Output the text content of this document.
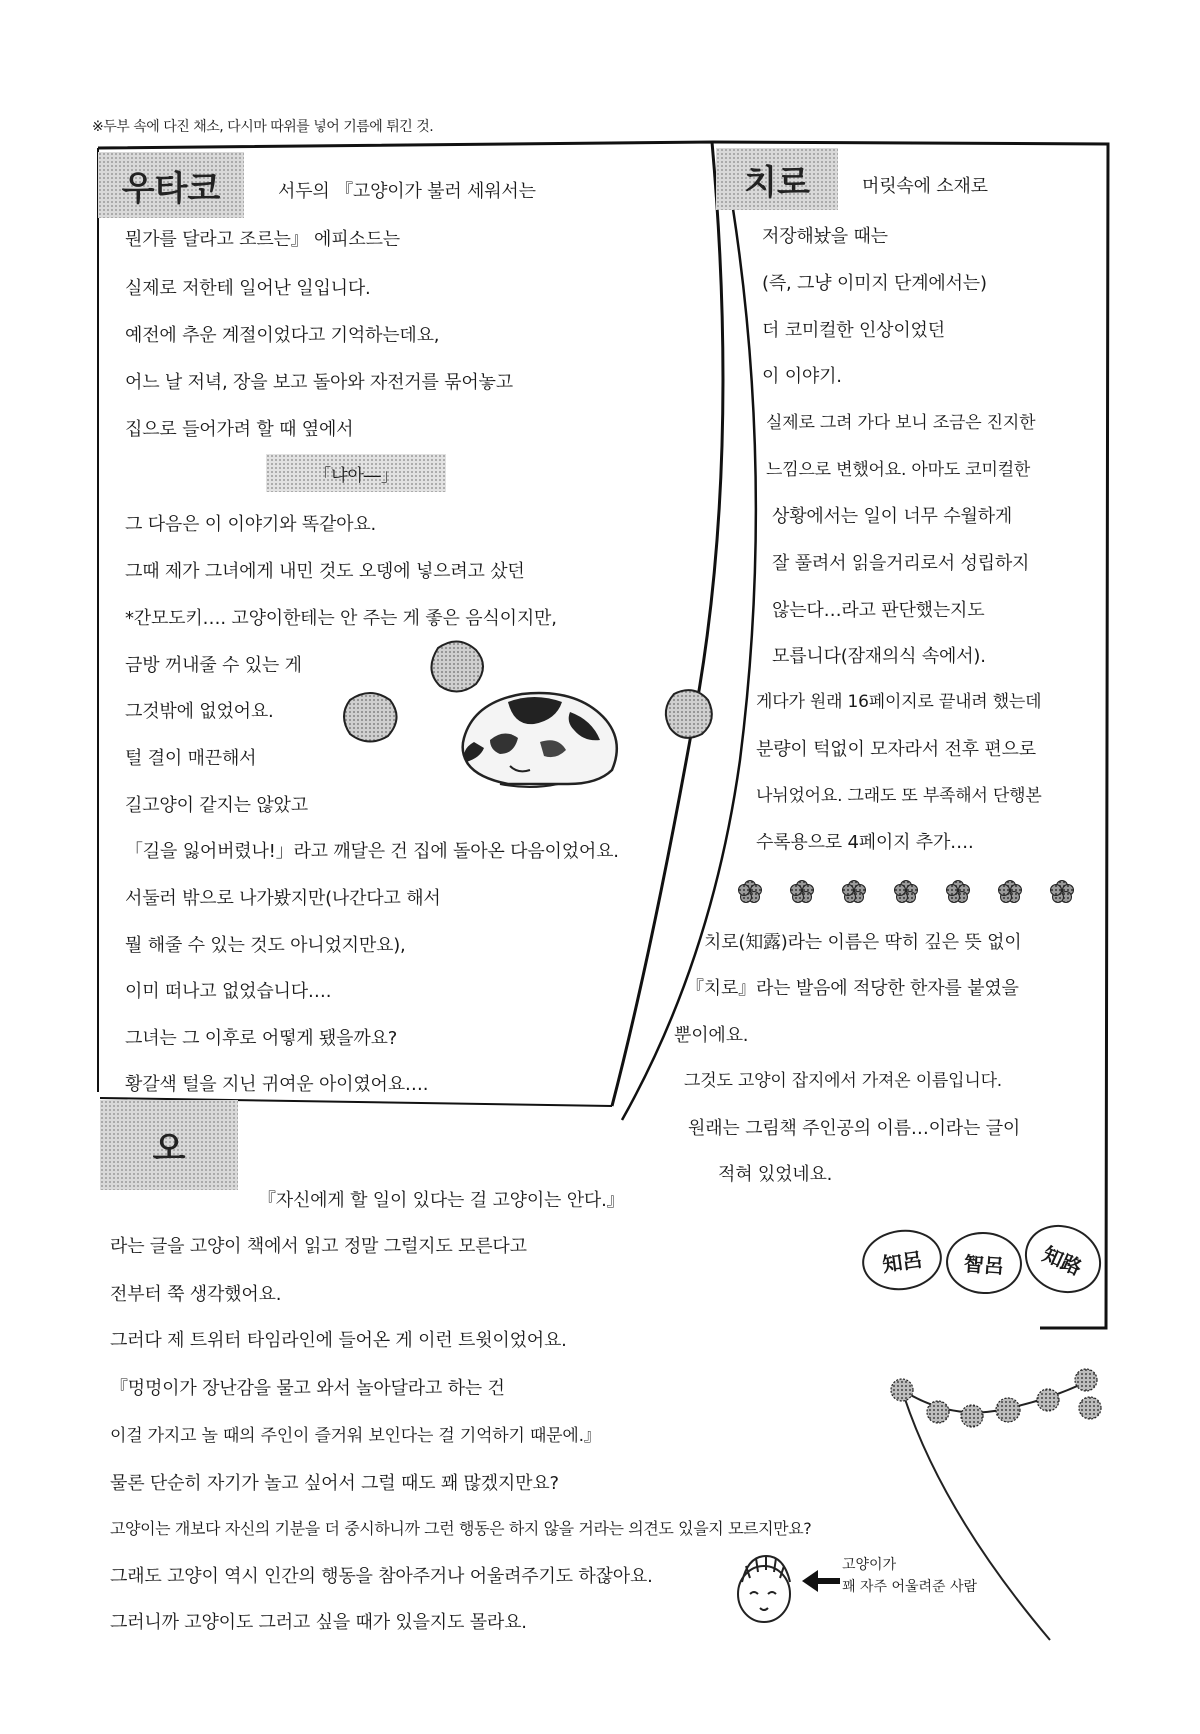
※두부 속에 다진 채소, 다시마 따위를 넣어 기름에 튀긴 것.
우타코	치로
오
서두의 『고양이가 불러 세워서는
뭔가를 달라고 조르는』 에피소드는
실제로 저한테 일어난 일입니다.
예전에 추운 계절이었다고 기억하는데요,
어느 날 저녁, 장을 보고 돌아와 자전거를 묶어놓고
집으로 들어가려 할 때 옆에서
「냐아―」
그 다음은 이 이야기와 똑같아요.
그때 제가 그녀에게 내민 것도 오뎅에 넣으려고 샀던
*간모도키…. 고양이한테는 안 주는 게 좋은 음식이지만,
금방 꺼내줄 수 있는 게
그것밖에 없었어요.
털 결이 매끈해서
길고양이 같지는 않았고
「길을 잃어버렸나!」라고 깨달은 건 집에 돌아온 다음이었어요.
서둘러 밖으로 나가봤지만(나간다고 해서
뭘 해줄 수 있는 것도 아니었지만요),
이미 떠나고 없었습니다….
그녀는 그 이후로 어떻게 됐을까요?
황갈색 털을 지닌 귀여운 아이였어요….
머릿속에 소재로
저장해놨을 때는
(즉, 그냥 이미지 단계에서는)
더 코미컬한 인상이었던
이 이야기.
실제로 그려 가다 보니 조금은 진지한
느낌으로 변했어요. 아마도 코미컬한
상황에서는 일이 너무 수월하게
잘 풀려서 읽을거리로서 성립하지
않는다…라고 판단했는지도
모릅니다(잠재의식 속에서).
게다가 원래 16페이지로 끝내려 했는데
분량이 턱없이 모자라서 전후 편으로
나뉘었어요. 그래도 또 부족해서 단행본
수록용으로 4페이지 추가….
치로(知露)라는 이름은 딱히 깊은 뜻 없이
『치로』라는 발음에 적당한 한자를 붙였을
뿐이에요.
그것도 고양이 잡지에서 가져온 이름입니다.
원래는 그림책 주인공의 이름…이라는 글이
적혀 있었네요.
知呂 智呂 知路
『자신에게 할 일이 있다는 걸 고양이는 안다.』
라는 글을 고양이 책에서 읽고 정말 그럴지도 모른다고
전부터 쭉 생각했어요.
그러다 제 트위터 타임라인에 들어온 게 이런 트윗이었어요.
『멍멍이가 장난감을 물고 와서 놀아달라고 하는 건
이걸 가지고 놀 때의 주인이 즐거워 보인다는 걸 기억하기 때문에.』
물론 단순히 자기가 놀고 싶어서 그럴 때도 꽤 많겠지만요?
고양이는 개보다 자신의 기분을 더 중시하니까 그런 행동은 하지 않을 거라는 의견도 있을지 모르지만요?
그래도 고양이 역시 인간의 행동을 참아주거나 어울려주기도 하잖아요.
그러니까 고양이도 그러고 싶을 때가 있을지도 몰라요.
고양이가
꽤 자주 어울려준 사람
